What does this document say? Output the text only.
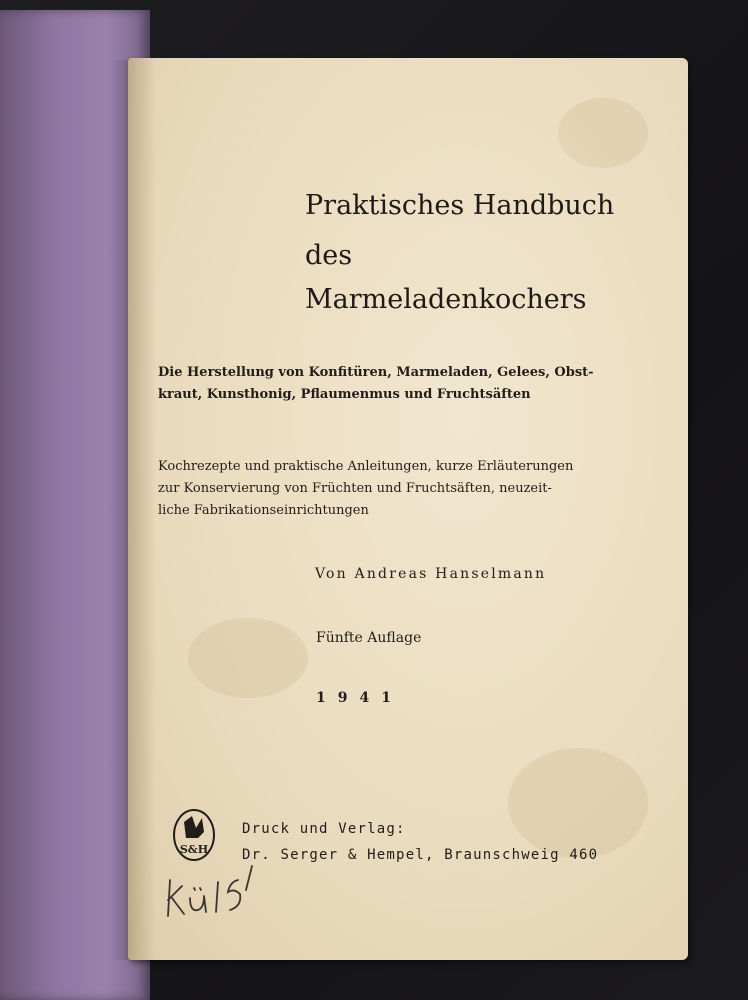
Praktisches Handbuch
des
Marmeladenkochers
Die Herstellung von Konfitüren, Marmeladen, Gelees, Obst-
kraut, Kunsthonig, Pflaumenmus und Fruchtsäften
Kochrezepte und praktische Anleitungen, kurze Erläuterungen
zur Konservierung von Früchten und Fruchtsäften, neuzeit-
liche Fabrikationseinrichtungen
Von Andreas Hanselmann
Fünfte Auflage
1941
S&H
Druck und Verlag:
Dr. Serger & Hempel, Braunschweig 460
